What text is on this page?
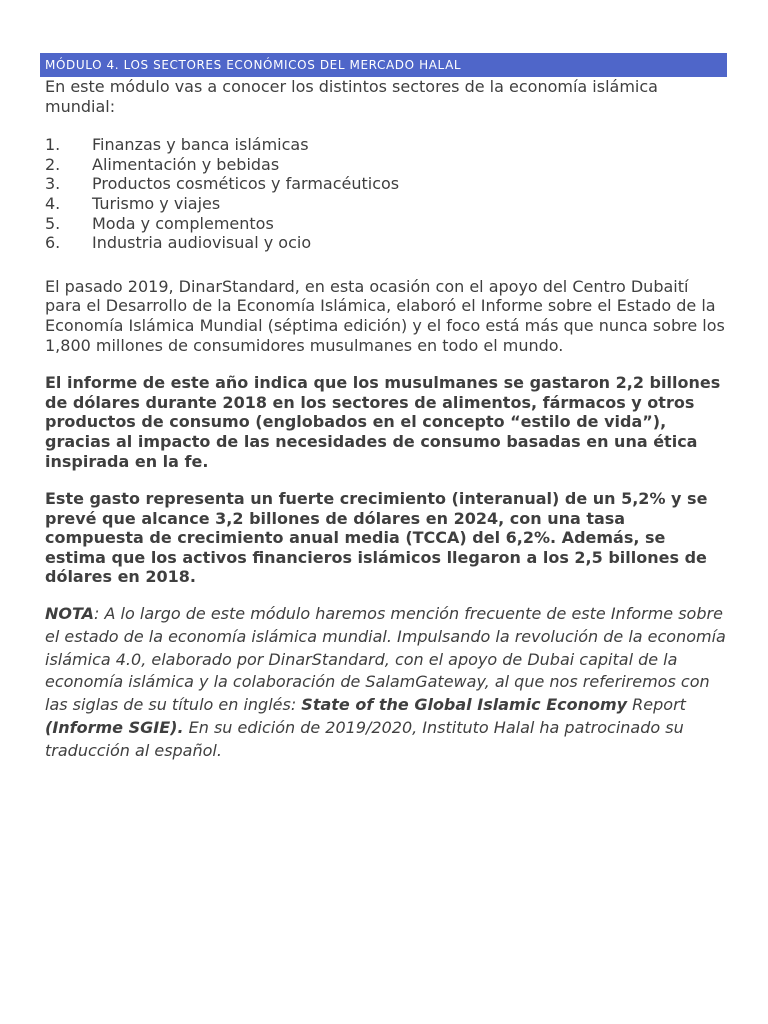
MÓDULO 4. LOS SECTORES ECONÓMICOS DEL MERCADO HALAL

En este módulo vas a conocer los distintos sectores de la economía islámica mundial:

1.	Finanzas y banca islámicas
2.	Alimentación y bebidas
3.	Productos cosméticos y farmacéuticos
4.	Turismo y viajes
5.	Moda y complementos
6.	Industria audiovisual y ocio

El pasado 2019, DinarStandard, en esta ocasión con el apoyo del Centro Dubaití para el Desarrollo de la Economía Islámica, elaboró el Informe sobre el Estado de la Economía Islámica Mundial (séptima edición) y el foco está más que nunca sobre los 1,800 millones de consumidores musulmanes en todo el mundo.

El informe de este año indica que los musulmanes se gastaron 2,2 billones de dólares durante 2018 en los sectores de alimentos, fármacos y otros productos de consumo (englobados en el concepto “estilo de vida”), gracias al impacto de las necesidades de consumo basadas en una ética inspirada en la fe.

Este gasto representa un fuerte crecimiento (interanual) de un 5,2% y se prevé que alcance 3,2 billones de dólares en 2024, con una tasa compuesta de crecimiento anual media (TCCA) del 6,2%. Además, se estima que los activos financieros islámicos llegaron a los 2,5 billones de dólares en 2018.

NOTA: A lo largo de este módulo haremos mención frecuente de este Informe sobre el estado de la economía islámica mundial. Impulsando la revolución de la economía islámica 4.0, elaborado por DinarStandard, con el apoyo de Dubai capital de la economía islámica y la colaboración de SalamGateway, al que nos referiremos con las siglas de su título en inglés: State of the Global Islamic Economy Report (Informe SGIE). En su edición de 2019/2020, Instituto Halal ha patrocinado su traducción al español.
